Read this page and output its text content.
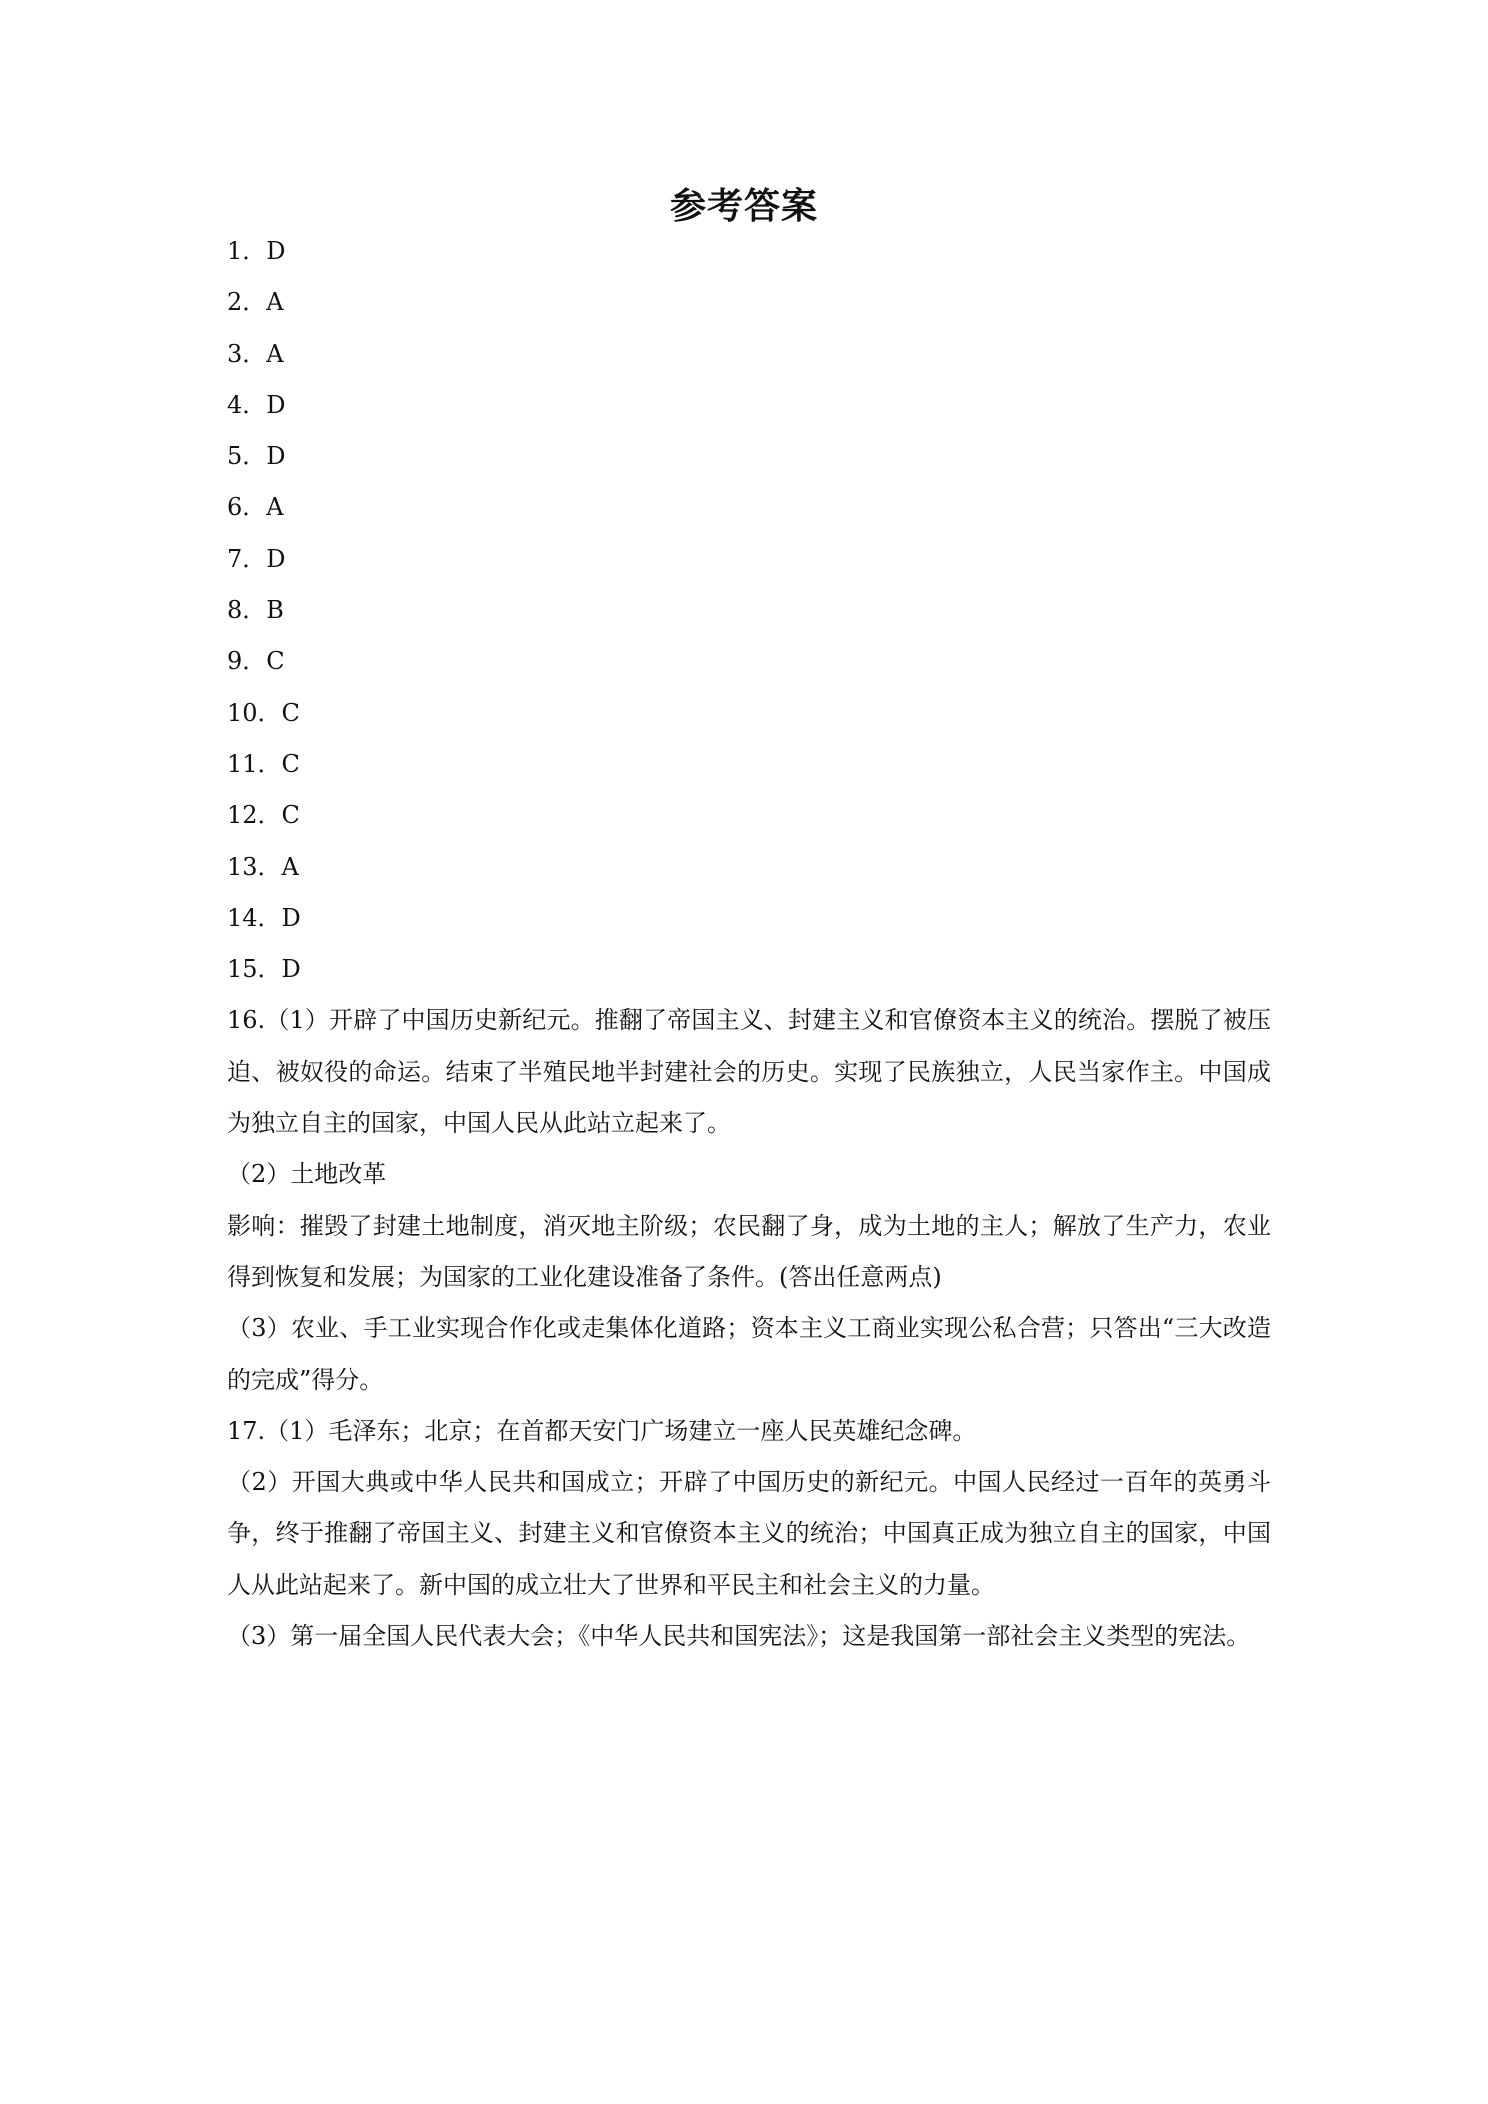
参考答案
1．D
2．A
3．A
4．D
5．D
6．A
7．D
8．B
9．C
10．C
11．C
12．C
13．A
14．D
15．D

16.（1）开辟了中国历史新纪元。推翻了帝国主义、封建主义和官僚资本主义的统治。摆脱了被压迫、被奴役的命运。结束了半殖民地半封建社会的历史。实现了民族独立，人民当家作主。中国成为独立自主的国家，中国人民从此站立起来了。

（2）土地改革

影响：摧毁了封建土地制度，消灭地主阶级；农民翻了身，成为土地的主人；解放了生产力，农业得到恢复和发展；为国家的工业化建设准备了条件。(答出任意两点)

（3）农业、手工业实现合作化或走集体化道路；资本主义工商业实现公私合营；只答出“三大改造的完成”得分。

17.（1）毛泽东；北京；在首都天安门广场建立一座人民英雄纪念碑。

（2）开国大典或中华人民共和国成立；开辟了中国历史的新纪元。中国人民经过一百年的英勇斗争，终于推翻了帝国主义、封建主义和官僚资本主义的统治；中国真正成为独立自主的国家，中国人从此站起来了。新中国的成立壮大了世界和平民主和社会主义的力量。

（3）第一届全国人民代表大会；《中华人民共和国宪法》；这是我国第一部社会主义类型的宪法。
